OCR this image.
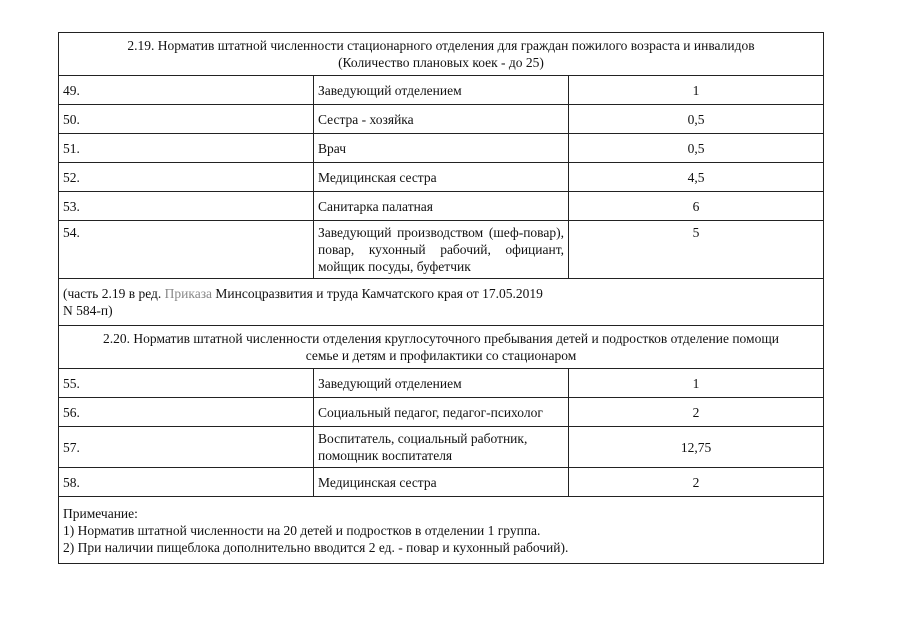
2.19. Норматив штатной численности стационарного отделения для граждан пожилого возраста и инвалидов
(Количество плановых коек - до 25)		

49.	Заведующий отделением	1
50.	Сестра - хозяйка	0,5
51.	Врач	0,5
52.	Медицинская сестра	4,5
53.	Санитарка палатная	6
54.	Заведующий производством (шеф-повар), повар, кухонный рабочий, официант, мойщик посуды, буфетчик	5

(часть 2.19 в ред. Приказа Минсоцразвития и труда Камчатского края от 17.05.2019
N 584-п)		

2.20. Норматив штатной численности отделения круглосуточного пребывания детей и подростков отделение помощи
семье и детям и профилактики со стационаром		

55.	Заведующий отделением	1
56.	Социальный педагог, педагог-психолог	2
57.	Воспитатель, социальный работник, помощник воспитателя	12,75
58.	Медицинская сестра	2

Примечание:
1) Норматив штатной численности на 20 детей и подростков в отделении 1 группа.
2) При наличии пищеблока дополнительно вводится 2 ед. - повар и кухонный рабочий).		
